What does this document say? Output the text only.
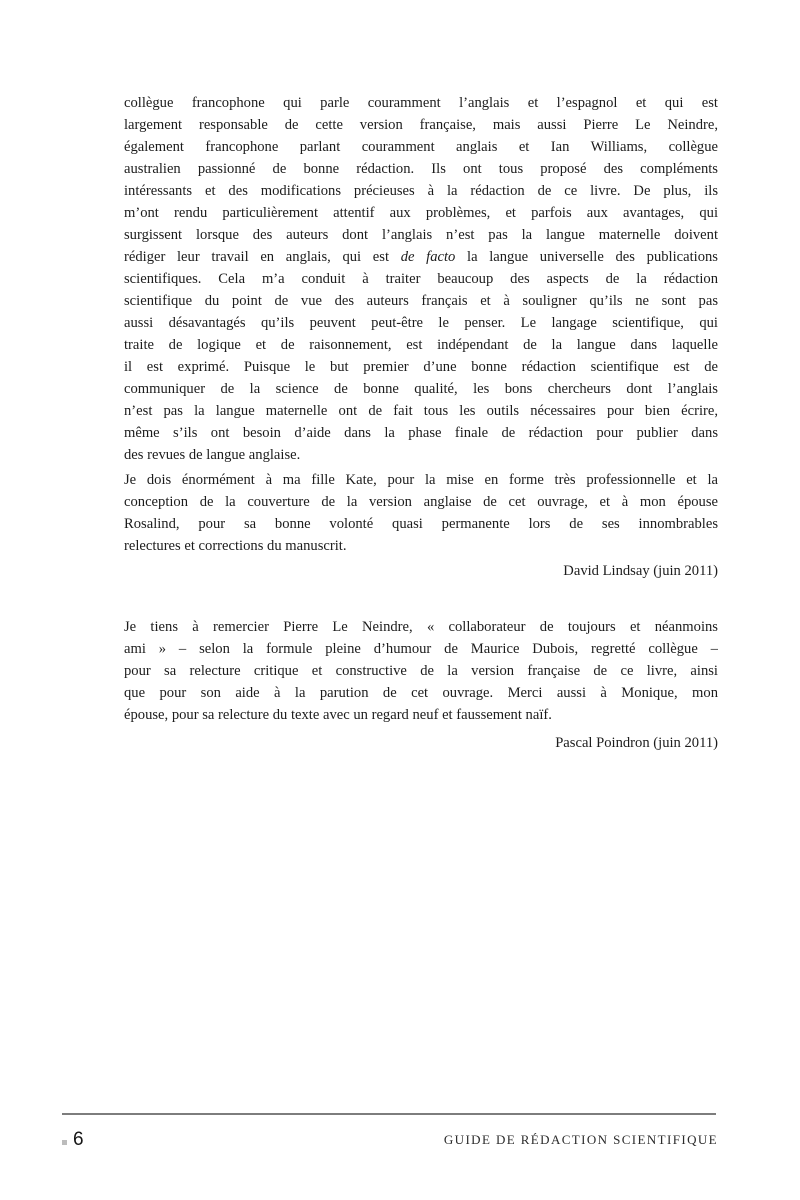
collègue francophone qui parle couramment l’anglais et l’espagnol et qui est
largement responsable de cette version française, mais aussi Pierre Le Neindre,
également francophone parlant couramment anglais et Ian Williams, collègue
australien passionné de bonne rédaction. Ils ont tous proposé des compléments
intéressants et des modifications précieuses à la rédaction de ce livre. De plus, ils
m’ont rendu particulièrement attentif aux problèmes, et parfois aux avantages, qui
surgissent lorsque des auteurs dont l’anglais n’est pas la langue maternelle doivent
rédiger leur travail en anglais, qui est de facto la langue universelle des publications
scientifiques. Cela m’a conduit à traiter beaucoup des aspects de la rédaction
scientifique du point de vue des auteurs français et à souligner qu’ils ne sont pas
aussi désavantagés qu’ils peuvent peut-être le penser. Le langage scientifique, qui
traite de logique et de raisonnement, est indépendant de la langue dans laquelle
il est exprimé. Puisque le but premier d’une bonne rédaction scientifique est de
communiquer de la science de bonne qualité, les bons chercheurs dont l’anglais
n’est pas la langue maternelle ont de fait tous les outils nécessaires pour bien écrire,
même s’ils ont besoin d’aide dans la phase finale de rédaction pour publier dans
des revues de langue anglaise.
Je dois énormément à ma fille Kate, pour la mise en forme très professionnelle et la
conception de la couverture de la version anglaise de cet ouvrage, et à mon épouse
Rosalind, pour sa bonne volonté quasi permanente lors de ses innombrables
relectures et corrections du manuscrit.
David Lindsay (juin 2011)
Je tiens à remercier Pierre Le Neindre, « collaborateur de toujours et néanmoins
ami » – selon la formule pleine d’humour de Maurice Dubois, regretté collègue –
pour sa relecture critique et constructive de la version française de ce livre, ainsi
que pour son aide à la parution de cet ouvrage. Merci aussi à Monique, mon
épouse, pour sa relecture du texte avec un regard neuf et faussement naïf.
Pascal Poindron (juin 2011)
6	GUIDE DE RÉDACTION SCIENTIFIQUE
